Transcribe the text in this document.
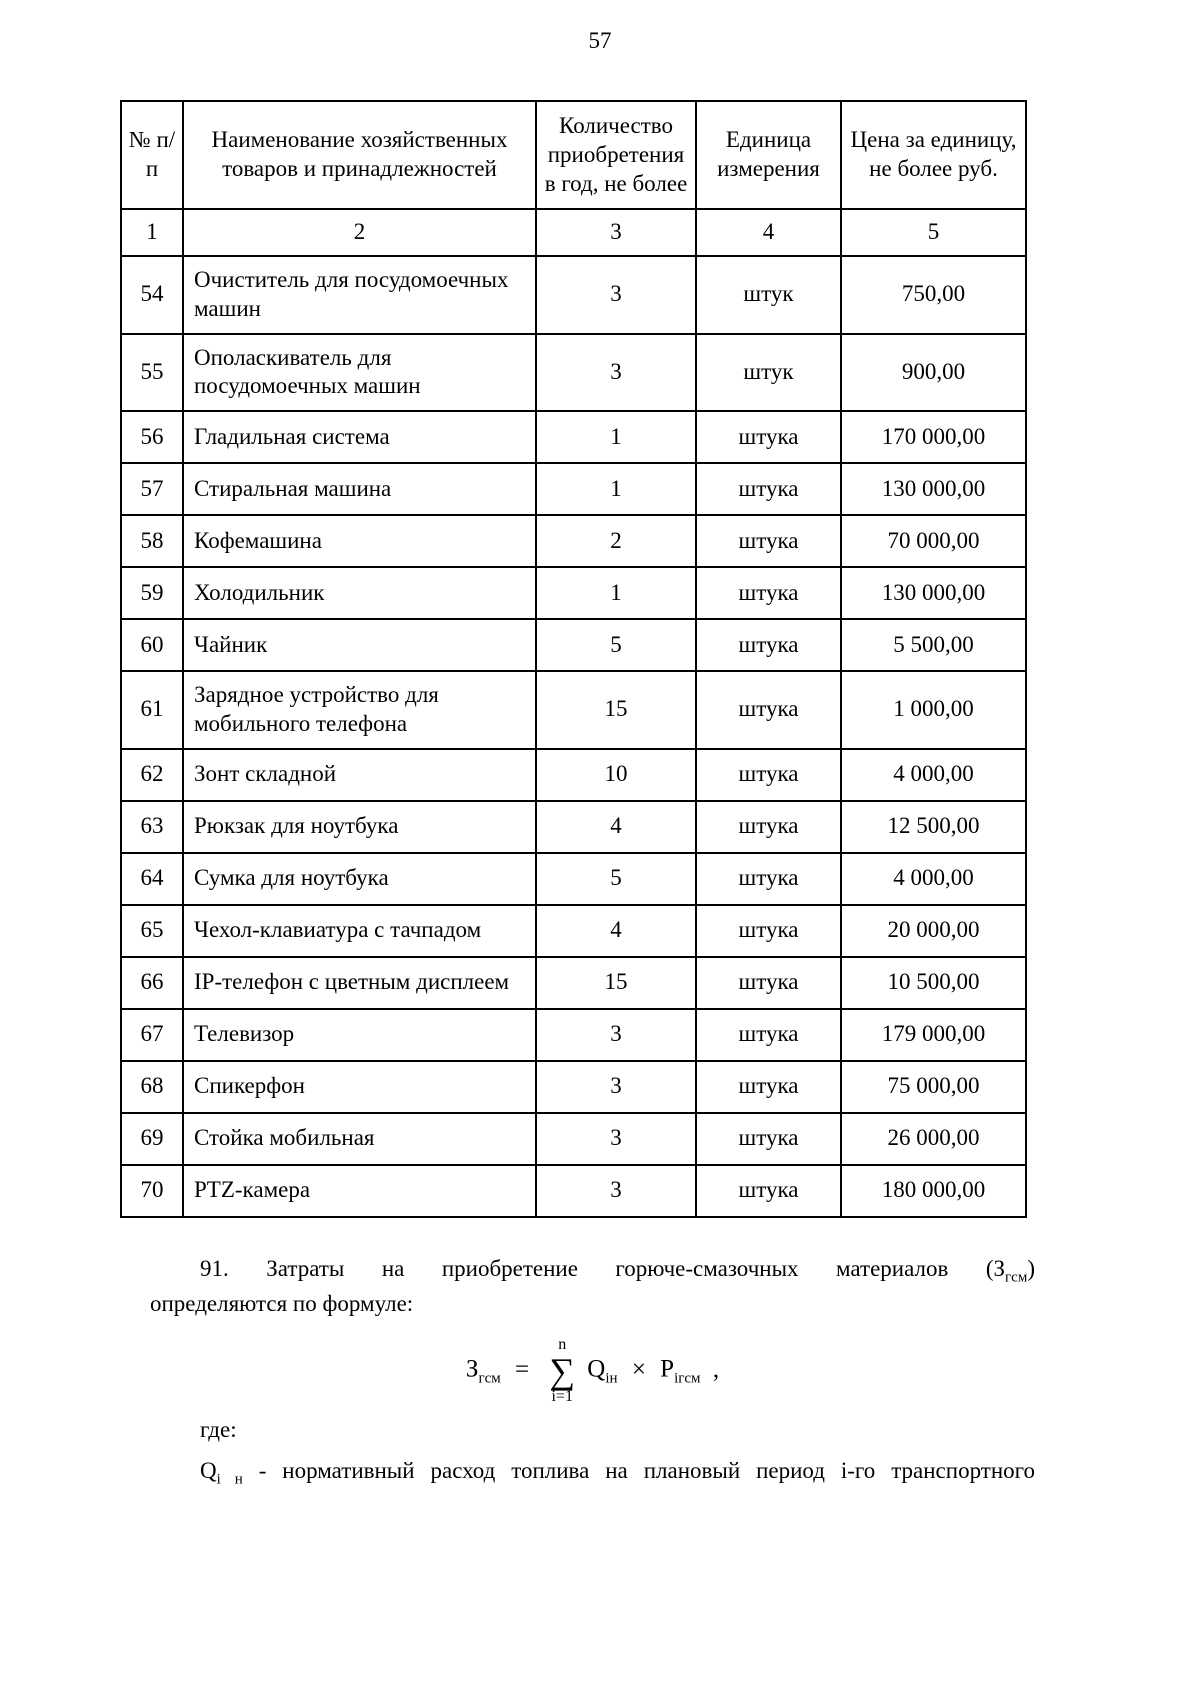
57
№ п/п	Наименование хозяйственных товаров и принадлежностей	Количество приобретения в год, не более	Единица измерения	Цена за единицу, не более руб.
1	2	3	4	5
54	Очиститель для посудомоечных машин	3	штук	750,00
55	Ополаскиватель для посудомоечных машин	3	штук	900,00
56	Гладильная система	1	штука	170 000,00
57	Стиральная машина	1	штука	130 000,00
58	Кофемашина	2	штука	70 000,00
59	Холодильник	1	штука	130 000,00
60	Чайник	5	штука	5 500,00
61	Зарядное устройство для мобильного телефона	15	штука	1 000,00
62	Зонт складной	10	штука	4 000,00
63	Рюкзак для ноутбука	4	штука	12 500,00
64	Сумка для ноутбука	5	штука	4 000,00
65	Чехол-клавиатура с тачпадом	4	штука	20 000,00
66	IP-телефон с цветным дисплеем	15	штука	10 500,00
67	Телевизор	3	штука	179 000,00
68	Спикерфон	3	штука	75 000,00
69	Стойка мобильная	3	штука	26 000,00
70	PTZ-камера	3	штука	180 000,00
91. Затраты на приобретение горюче-смазочных материалов $(З_{гсм})$
определяются по формуле:
$З_{гсм}$ =
n
∑
i=1
$Q_{iн} \times P_{iгсм}$ ,
где:
$Q_{i н}$ - нормативный расход топлива на плановый период i-го транспортного
